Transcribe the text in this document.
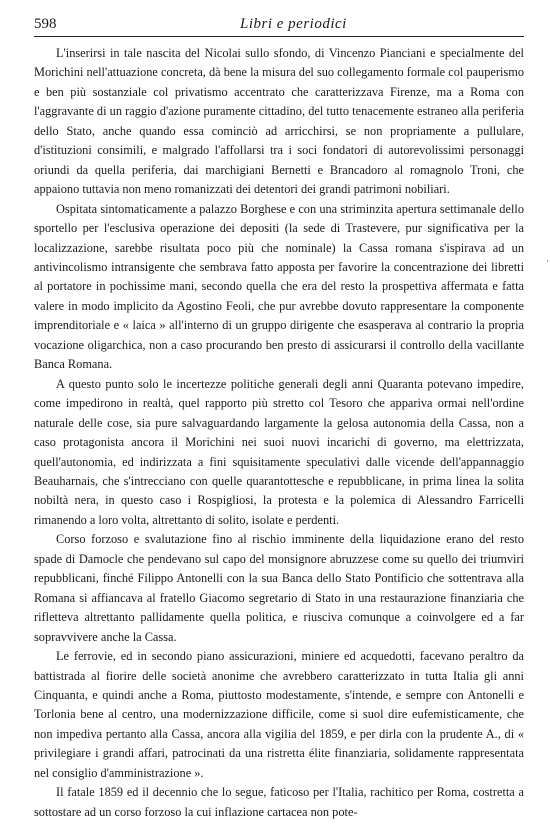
598	Libri e periodici

L'inserirsi in tale nascita del Nicolai sullo sfondo, di Vincenzo Pianciani e specialmente del Morichini nell'attuazione concreta, dà bene la misura del suo collegamento formale col pauperismo e ben più sostanziale col privatismo accentrato che caratterizzava Firenze, ma a Roma con l'aggravante di un raggio d'azione puramente cittadino, del tutto tenacemente estraneo alla periferia dello Stato, anche quando essa cominciò ad arricchirsi, se non propriamente a pullulare, d'istituzioni consimili, e malgrado l'affollarsi tra i soci fondatori di autorevolissimi personaggi oriundi da quella periferia, dai marchigiani Bernetti e Brancadoro al romagnolo Troni, che appaiono tuttavia non meno romanizzati dei detentori dei grandi patrimoni nobiliari.

Ospitata sintomaticamente a palazzo Borghese e con una striminzita apertura settimanale dello sportello per l'esclusiva operazione dei depositi (la sede di Trastevere, pur significativa per la localizzazione, sarebbe risultata poco più che nominale) la Cassa romana s'ispirava ad un antivincolismo intransigente che sembrava fatto apposta per favorire la concentrazione dei libretti al portatore in pochissime mani, secondo quella che era del resto la prospettiva affermata e fatta valere in modo implicito da Agostino Feoli, che pur avrebbe dovuto rappresentare la componente imprenditoriale e « laica » all'interno di un gruppo dirigente che esasperava al contrario la propria vocazione oligarchica, non a caso procurando ben presto di assicurarsi il controllo della vacillante Banca Romana.

A questo punto solo le incertezze politiche generali degli anni Quaranta potevano impedire, come impedirono in realtà, quel rapporto più stretto col Tesoro che appariva ormai nell'ordine naturale delle cose, sia pure salvaguardando largamente la gelosa autonomia della Cassa, non a caso protagonista ancora il Morichini nei suoi nuovi incarichi di governo, ma elettrizzata, quell'autonomia, ed indirizzata a fini squisitamente speculativi dalle vicende dell'appannaggio Beauharnais, che s'intrecciano con quelle quarantottesche e repubblicane, in prima linea la solita nobiltà nera, in questo caso i Rospigliosi, la protesta e la polemica di Alessandro Farricelli rimanendo a loro volta, altrettanto di solito, isolate e perdenti.

Corso forzoso e svalutazione fino al rischio imminente della liquidazione erano del resto spade di Damocle che pendevano sul capo del monsignore abruzzese come su quello dei triumviri repubblicani, finché Filippo Antonelli con la sua Banca dello Stato Pontificio che sottentrava alla Romana si affiancava al fratello Giacomo segretario di Stato in una restaurazione finanziaria che rifletteva altrettanto pallidamente quella politica, e riusciva comunque a coinvolgere ed a far sopravvivere anche la Cassa.

Le ferrovie, ed in secondo piano assicurazioni, miniere ed acquedotti, facevano peraltro da battistrada al fiorire delle società anonime che avrebbero caratterizzato in tutta Italia gli anni Cinquanta, e quindi anche a Roma, piuttosto modestamente, s'intende, e sempre con Antonelli e Torlonia bene al centro, una modernizzazione difficile, come si suol dire eufemisticamente, che non impediva pertanto alla Cassa, ancora alla vigilia del 1859, e per dirla con la prudente A., di « privilegiare i grandi affari, patrocinati da una ristretta élite finanziaria, solidamente rappresentata nel consiglio d'amministrazione ».

Il fatale 1859 ed il decennio che lo segue, faticoso per l'Italia, rachitico per Roma, costretta a sottostare ad un corso forzoso la cui inflazione cartacea non pote-

·
